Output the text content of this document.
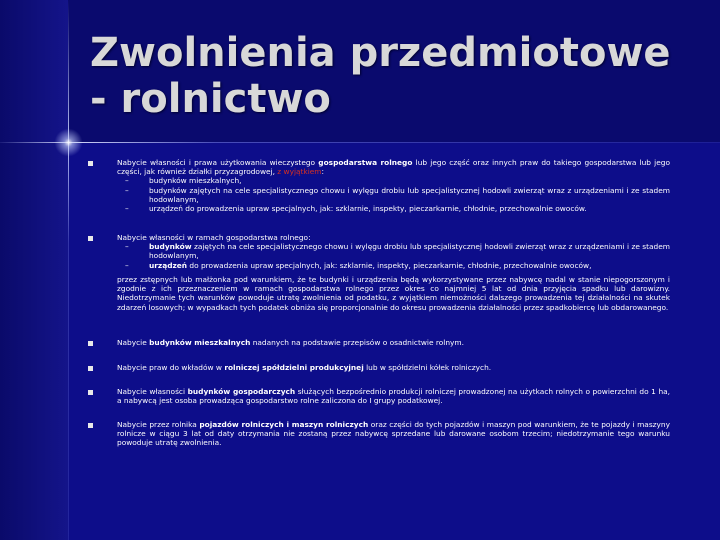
Zwolnienia przedmiotowe
- rolnictwo
Nabycie własności i prawa użytkowania wieczystego gospodarstwa rolnego lub jego część oraz innych praw do takiego gospodarstwa lub jego części, jak również działki przyzagrodowej, z wyjątkiem:
–	budynków mieszkalnych,
–	budynków zajętych na cele specjalistycznego chowu i wylęgu drobiu lub specjalistycznej hodowli zwierząt wraz z urządzeniami i ze stadem hodowlanym,
–	urządzeń do prowadzenia upraw specjalnych, jak: szklarnie, inspekty, pieczarkarnie, chłodnie, przechowalnie owoców.
Nabycie własności w ramach gospodarstwa rolnego:
–	budynków zajętych na cele specjalistycznego chowu i wylęgu drobiu lub specjalistycznej hodowli zwierząt wraz z urządzeniami i ze stadem hodowlanym,
–	urządzeń do prowadzenia upraw specjalnych, jak: szklarnie, inspekty, pieczarkarnie, chłodnie, przechowalnie owoców,
przez zstępnych lub małżonka pod warunkiem, że te budynki i urządzenia będą wykorzystywane przez nabywcę nadal w stanie niepogorszonym i zgodnie z ich przeznaczeniem w ramach gospodarstwa rolnego przez okres co najmniej 5 lat od dnia przyjęcia spadku lub darowizny. Niedotrzymanie tych warunków powoduje utratę zwolnienia od podatku, z wyjątkiem niemożności dalszego prowadzenia tej działalności na skutek zdarzeń losowych; w wypadkach tych podatek obniża się proporcjonalnie do okresu prowadzenia działalności przez spadkobiercę lub obdarowanego.
Nabycie budynków mieszkalnych nadanych na podstawie przepisów o osadnictwie rolnym.
Nabycie praw do wkładów w rolniczej spółdzielni produkcyjnej lub w spółdzielni kółek rolniczych.
Nabycie własności budynków gospodarczych służących bezpośrednio produkcji rolniczej prowadzonej na użytkach rolnych o powierzchni do 1 ha, a nabywcą jest osoba prowadząca gospodarstwo rolne zaliczona do I grupy podatkowej.
Nabycie przez rolnika pojazdów rolniczych i maszyn rolniczych oraz części do tych pojazdów i maszyn pod warunkiem, że te pojazdy i maszyny rolnicze w ciągu 3 lat od daty otrzymania nie zostaną przez nabywcę sprzedane lub darowane osobom trzecim; niedotrzymanie tego warunku powoduje utratę zwolnienia.
